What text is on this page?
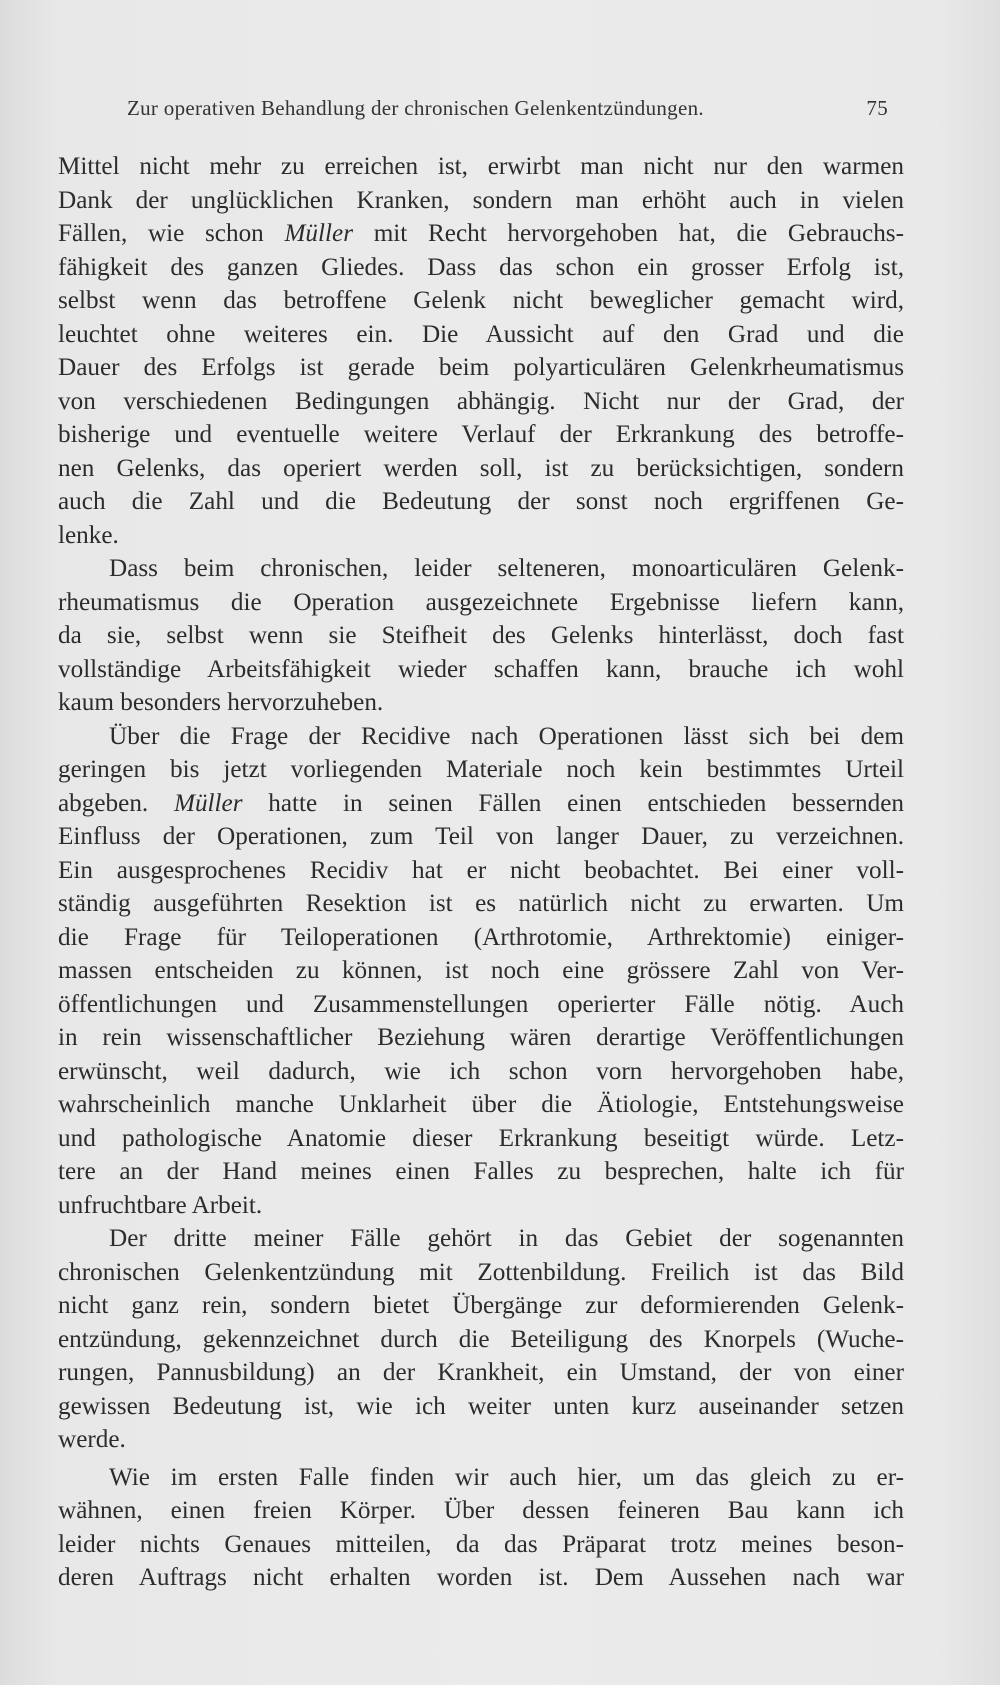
Zur operativen Behandlung der chronischen Gelenkentzündungen.	75
Mittel nicht mehr zu erreichen ist, erwirbt man nicht nur den warmen
Dank der unglücklichen Kranken, sondern man erhöht auch in vielen
Fällen, wie schon Müller mit Recht hervorgehoben hat, die Gebrauchs-
fähigkeit des ganzen Gliedes. Dass das schon ein grosser Erfolg ist,
selbst wenn das betroffene Gelenk nicht beweglicher gemacht wird,
leuchtet ohne weiteres ein. Die Aussicht auf den Grad und die
Dauer des Erfolgs ist gerade beim polyarticulären Gelenkrheumatismus
von verschiedenen Bedingungen abhängig. Nicht nur der Grad, der
bisherige und eventuelle weitere Verlauf der Erkrankung des betroffe-
nen Gelenks, das operiert werden soll, ist zu berücksichtigen, sondern
auch die Zahl und die Bedeutung der sonst noch ergriffenen Ge-
lenke.
Dass beim chronischen, leider selteneren, monoarticulären Gelenk-
rheumatismus die Operation ausgezeichnete Ergebnisse liefern kann,
da sie, selbst wenn sie Steifheit des Gelenks hinterlässt, doch fast
vollständige Arbeitsfähigkeit wieder schaffen kann, brauche ich wohl
kaum besonders hervorzuheben.
Über die Frage der Recidive nach Operationen lässt sich bei dem
geringen bis jetzt vorliegenden Materiale noch kein bestimmtes Urteil
abgeben. Müller hatte in seinen Fällen einen entschieden bessernden
Einfluss der Operationen, zum Teil von langer Dauer, zu verzeichnen.
Ein ausgesprochenes Recidiv hat er nicht beobachtet. Bei einer voll-
ständig ausgeführten Resektion ist es natürlich nicht zu erwarten. Um
die Frage für Teiloperationen (Arthrotomie, Arthrektomie) einiger-
massen entscheiden zu können, ist noch eine grössere Zahl von Ver-
öffentlichungen und Zusammenstellungen operierter Fälle nötig. Auch
in rein wissenschaftlicher Beziehung wären derartige Veröffentlichungen
erwünscht, weil dadurch, wie ich schon vorn hervorgehoben habe,
wahrscheinlich manche Unklarheit über die Ätiologie, Entstehungsweise
und pathologische Anatomie dieser Erkrankung beseitigt würde. Letz-
tere an der Hand meines einen Falles zu besprechen, halte ich für
unfruchtbare Arbeit.
Der dritte meiner Fälle gehört in das Gebiet der sogenannten
chronischen Gelenkentzündung mit Zottenbildung. Freilich ist das Bild
nicht ganz rein, sondern bietet Übergänge zur deformierenden Gelenk-
entzündung, gekennzeichnet durch die Beteiligung des Knorpels (Wuche-
rungen, Pannusbildung) an der Krankheit, ein Umstand, der von einer
gewissen Bedeutung ist, wie ich weiter unten kurz auseinander setzen
werde.
Wie im ersten Falle finden wir auch hier, um das gleich zu er-
wähnen, einen freien Körper. Über dessen feineren Bau kann ich
leider nichts Genaues mitteilen, da das Präparat trotz meines beson-
deren Auftrags nicht erhalten worden ist. Dem Aussehen nach war
